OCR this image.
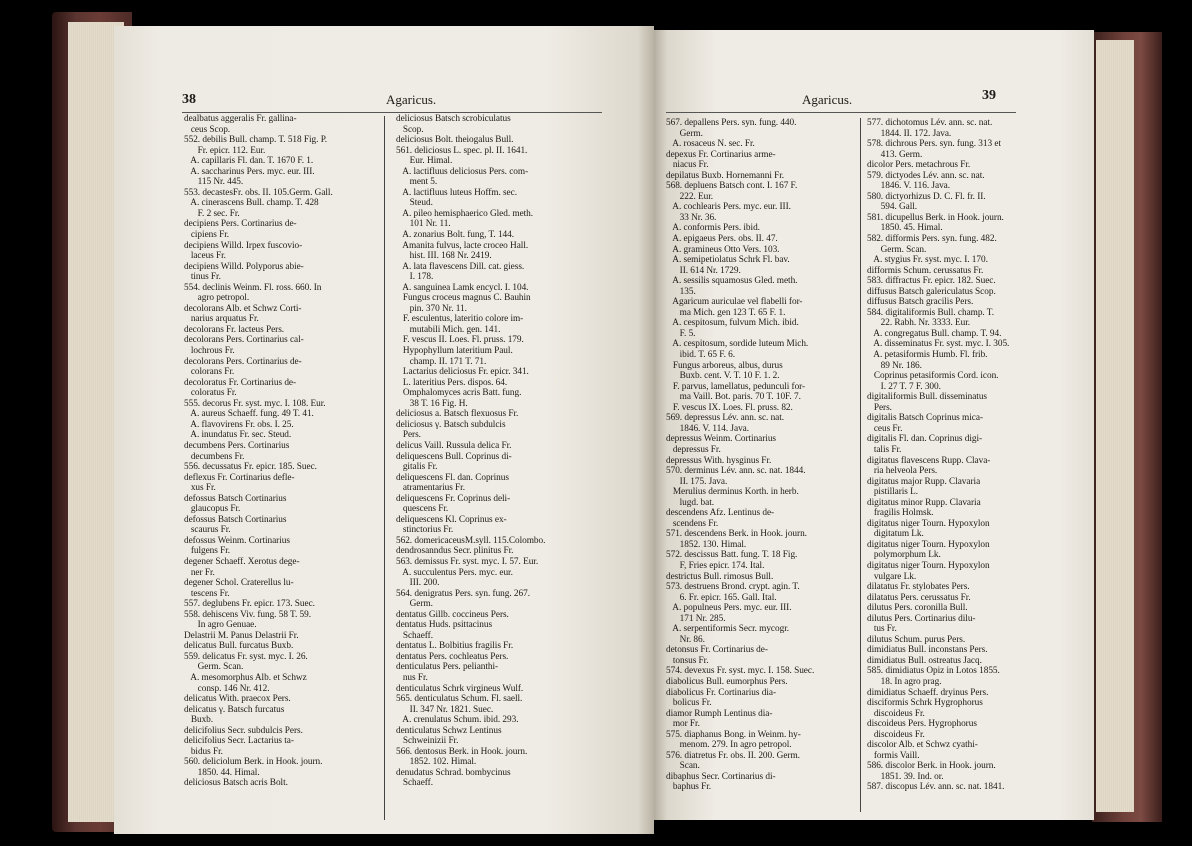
38	Agaricus.
dealbatus aggeralis Fr. gallina-
ceus Scop.
552. debilis Bull. champ. T. 518 Fig. P.
Fr. epicr. 112. Eur.
A. capillaris Fl. dan. T. 1670 F. 1.
A. saccharinus Pers. myc. eur. III.
115 Nr. 445.
553. decastesFr. obs. II. 105.Germ. Gall.
A. cinerascens Bull. champ. T. 428
F. 2 sec. Fr.
decipiens Pers. Cortinarius de-
cipiens Fr.
decipiens Willd. Irpex fuscovio-
laceus Fr.
decipiens Willd. Polyporus abie-
tinus Fr.
554. declinis Weinm. Fl. ross. 660. In
agro petropol.
decolorans Alb. et Schwz Corti-
narius arquatus Fr.
decolorans Fr. lacteus Pers.
decolorans Pers. Cortinarius cal-
lochrous Fr.
decolorans Pers. Cortinarius de-
colorans Fr.
decoloratus Fr. Cortinarius de-
coloratus Fr.
555. decorus Fr. syst. myc. I. 108. Eur.
A. aureus Schaeff. fung. 49 T. 41.
A. flavovirens Fr. obs. I. 25.
A. inundatus Fr. sec. Steud.
decumbens Pers. Cortinarius
decumbens Fr.
556. decussatus Fr. epicr. 185. Suec.
deflexus Fr. Cortinarius defle-
xus Fr.
defossus Batsch Cortinarius
glaucopus Fr.
defossus Batsch Cortinarius
scaurus Fr.
defossus Weinm. Cortinarius
fulgens Fr.
degener Schaeff. Xerotus dege-
ner Fr.
degener Schol. Craterellus lu-
tescens Fr.
557. deglubens Fr. epicr. 173. Suec.
558. dehiscens Viv. fung. 58 T. 59.
In agro Genuae.
Delastrii M. Panus Delastrii Fr.
delicatus Bull. furcatus Buxb.
559. delicatus Fr. syst. myc. I. 26.
Germ. Scan.
A. mesomorphus Alb. et Schwz
consp. 146 Nr. 412.
delicatus With. praecox Pers.
delicatus γ. Batsch furcatus
Buxb.
delicifolius Secr. subdulcis Pers.
delicifolius Secr. Lactarius ta-
bidus Fr.
560. deliciolum Berk. in Hook. journ.
1850. 44. Himal.
deliciosus Batsch acris Bolt.
deliciosus Batsch scrobiculatus
Scop.
deliciosus Bolt. theiogalus Bull.
561. deliciosus L. spec. pl. II. 1641.
Eur. Himal.
A. lactifluus deliciosus Pers. com-
ment 5.
A. lactifluus luteus Hoffm. sec.
Steud.
A. pileo hemisphaerico Gled. meth.
101 Nr. 11.
A. zonarius Bolt. fung, T. 144.
Amanita fulvus, lacte croceo Hall.
hist. III. 168 Nr. 2419.
A. lata flavescens Dill. cat. giess.
I. 178.
A. sanguinea Lamk encycl. I. 104.
Fungus croceus magnus C. Bauhin
pin. 370 Nr. 11.
F. esculentus, lateritio colore im-
mutabili Mich. gen. 141.
F. vescus II. Loes. Fl. pruss. 179.
Hypophyllum lateritium Paul.
champ. II. 171 T. 71.
Lactarius deliciosus Fr. epicr. 341.
L. lateritius Pers. dispos. 64.
Omphalomyces acris Batt. fung.
38 T. 16 Fig. H.
deliciosus a. Batsch flexuosus Fr.
deliciosus γ. Batsch subdulcis
Pers.
delicus Vaill. Russula delica Fr.
deliquescens Bull. Coprinus di-
gitalis Fr.
deliquescens Fl. dan. Coprinus
atramentarius Fr.
deliquescens Fr. Coprinus deli-
quescens Fr.
deliquescens Kl. Coprinus ex-
stinctorius Fr.
562. domericaceusM.syll. 115.Colombo.
dendrosanndus Secr. plinitus Fr.
563. demissus Fr. syst. myc. I. 57. Eur.
A. succulentus Pers. myc. eur.
III. 200.
564. denigratus Pers. syn. fung. 267.
Germ.
dentatus Gillb. coccineus Pers.
dentatus Huds. psittacinus
Schaeff.
dentatus L. Bolbitius fragilis Fr.
dentatus Pers. cochleatus Pers.
denticulatus Pers. pelianthi-
nus Fr.
denticulatus Schrk virgineus Wulf.
565. denticulatus Schum. Fl. saell.
II. 347 Nr. 1821. Suec.
A. crenulatus Schum. ibid. 293.
denticulatus Schwz Lentinus
Schweinizii Fr.
566. dentosus Berk. in Hook. journ.
1852. 102. Himal.
denudatus Schrad. bombycinus
Schaeff.
Agaricus.	39
567. depallens Pers. syn. fung. 440.
Germ.
A. rosaceus N. sec. Fr.
depexus Fr. Cortinarius arme-
niacus Fr.
depilatus Buxb. Hornemanni Fr.
568. depluens Batsch cont. I. 167 F.
222. Eur.
A. cochlearis Pers. myc. eur. III.
33 Nr. 36.
A. conformis Pers. ibid.
A. epigaeus Pers. obs. II. 47.
A. gramineus Otto Vers. 103.
A. semipetiolatus Schrk Fl. bav.
II. 614 Nr. 1729.
A. sessilis squamosus Gled. meth.
135.
Agaricum auriculae vel flabelli for-
ma Mich. gen 123 T. 65 F. 1.
A. cespitosum, fulvum Mich. ibid.
F. 5.
A. cespitosum, sordide luteum Mich.
ibid. T. 65 F. 6.
Fungus arboreus, albus, durus
Buxb. cent. V. T. 10 F. 1. 2.
F. parvus, lamellatus, pedunculi for-
ma Vaill. Bot. paris. 70 T. 10F. 7.
F. vescus IX. Loes. Fl. pruss. 82.
569. depressus Lév. ann. sc. nat.
1846. V. 114. Java.
depressus Weinm. Cortinarius
depressus Fr.
depressus With. hysginus Fr.
570. derminus Lév. ann. sc. nat. 1844.
II. 175. Java.
Merulius derminus Korth. in herb.
lugd. bat.
descendens Afz. Lentinus de-
scendens Fr.
571. descendens Berk. in Hook. journ.
1852. 130. Himal.
572. descissus Batt. fung. T. 18 Fig.
F, Fries epicr. 174. Ital.
destrictus Bull. rimosus Bull.
573. destruens Brond. crypt. agin. T.
6. Fr. epicr. 165. Gall. Ital.
A. populneus Pers. myc. eur. III.
171 Nr. 285.
A. serpentiformis Secr. mycogr.
Nr. 86.
detonsus Fr. Cortinarius de-
tonsus Fr.
574. devexus Fr. syst. myc. I. 158. Suec.
diabolicus Bull. eumorphus Pers.
diabolicus Fr. Cortinarius dia-
bolicus Fr.
diamor Rumph Lentinus dia-
mor Fr.
575. diaphanus Bong. in Weinm. hy-
menom. 279. In agro petropol.
576. diatretus Fr. obs. II. 200. Germ.
Scan.
dibaphus Secr. Cortinarius di-
baphus Fr.
577. dichotomus Lév. ann. sc. nat.
1844. II. 172. Java.
578. dichrous Pers. syn. fung. 313 et
413. Germ.
dicolor Pers. metachrous Fr.
579. dictyodes Lév. ann. sc. nat.
1846. V. 116. Java.
580. dictyorhizus D. C. Fl. fr. II.
594. Gall.
581. dicupellus Berk. in Hook. journ.
1850. 45. Himal.
582. difformis Pers. syn. fung. 482.
Germ. Scan.
A. stygius Fr. syst. myc. I. 170.
difformis Schum. cerussatus Fr.
583. diffractus Fr. epicr. 182. Suec.
diffusus Batsch galericulatus Scop.
diffusus Batsch gracilis Pers.
584. digitaliformis Bull. champ. T.
22. Rabh. Nr. 3333. Eur.
A. congregatus Bull. champ. T. 94.
A. disseminatus Fr. syst. myc. I. 305.
A. petasiformis Humb. Fl. frib.
89 Nr. 186.
Coprinus petasiformis Cord. icon.
I. 27 T. 7 F. 300.
digitaliformis Bull. disseminatus
Pers.
digitalis Batsch Coprinus mica-
ceus Fr.
digitalis Fl. dan. Coprinus digi-
talis Fr.
digitatus flavescens Rupp. Clava-
ria helveola Pers.
digitatus major Rupp. Clavaria
pistillaris L.
digitatus minor Rupp. Clavaria
fragilis Holmsk.
digitatus niger Tourn. Hypoxylon
digitatum Lk.
digitatus niger Tourn. Hypoxylon
polymorphum Lk.
digitatus niger Tourn. Hypoxylon
vulgare Lk.
dilatatus Fr. stylobates Pers.
dilatatus Pers. cerussatus Fr.
dilutus Pers. coronilla Bull.
dilutus Pers. Cortinarius dilu-
tus Fr.
dilutus Schum. purus Pers.
dimidiatus Bull. inconstans Pers.
dimidiatus Bull. ostreatus Jacq.
585. dimidiatus Opiz in Lotos 1855.
18. In agro prag.
dimidiatus Schaeff. dryinus Pers.
disciformis Schrk Hygrophorus
discoideus Fr.
discoideus Pers. Hygrophorus
discoideus Fr.
discolor Alb. et Schwz cyathi-
formis Vaill.
586. discolor Berk. in Hook. journ.
1851. 39. Ind. or.
587. discopus Lév. ann. sc. nat. 1841.
